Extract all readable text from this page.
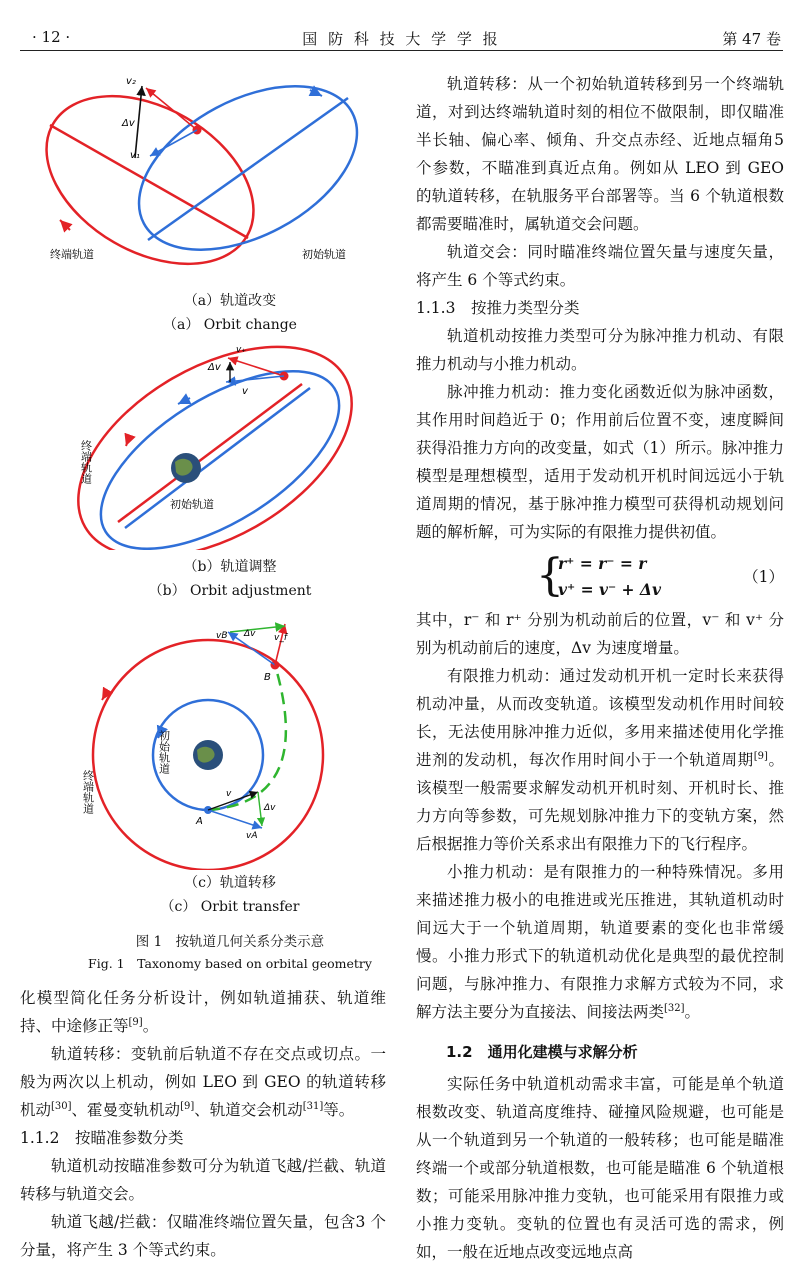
· 12 ·	国 防 科 技 大 学 学 报	第 47 卷
v₂
Δv
v₁
终端轨道	初始轨道
（a）轨道改变
（a） Orbit change
v₊
Δv
v
终端轨道
初始轨道
（b）轨道调整
（b） Orbit adjustment
vB Δv v_f
B
A
v
Δv
vA
初始轨道
终端轨道
（c）轨道转移
（c） Orbit transfer
图 1　按轨道几何关系分类示意
Fig. 1　Taxonomy based on orbital geometry

化模型简化任务分析设计，例如轨道捕获、轨道维持、中途修正等[9]。

轨道转移：变轨前后轨道不存在交点或切点。一般为两次以上机动，例如 LEO 到 GEO 的轨道转移机动[30]、霍曼变轨机动[9]、轨道交会机动[31]等。

1.1.2　按瞄准参数分类

轨道机动按瞄准参数可分为轨道飞越/拦截、轨道转移与轨道交会。

轨道飞越/拦截：仅瞄准终端位置矢量，包含3 个分量，将产生 3 个等式约束。

轨道转移：从一个初始轨道转移到另一个终端轨道，对到达终端轨道时刻的相位不做限制，即仅瞄准半长轴、偏心率、倾角、升交点赤经、近地点辐角5 个参数，不瞄准到真近点角。例如从 LEO 到 GEO 的轨道转移，在轨服务平台部署等。当 6 个轨道根数都需要瞄准时，属轨道交会问题。

轨道交会：同时瞄准终端位置矢量与速度矢量，将产生 6 个等式约束。

1.1.3　按推力类型分类

轨道机动按推力类型可分为脉冲推力机动、有限推力机动与小推力机动。

脉冲推力机动：推力变化函数近似为脉冲函数，其作用时间趋近于 0；作用前后位置不变，速度瞬间获得沿推力方向的改变量，如式（1）所示。脉冲推力模型是理想模型，适用于发动机开机时间远远小于轨道周期的情况，基于脉冲推力模型可获得机动规划问题的解析解，可为实际的有限推力提供初值。

{
r⁺ = r⁻ = r
v⁺ = v⁻ + Δv
（1）

其中，r⁻ 和 r⁺ 分别为机动前后的位置，v⁻ 和 v⁺ 分别为机动前后的速度，Δv 为速度增量。

有限推力机动：通过发动机开机一定时长来获得机动冲量，从而改变轨道。该模型发动机作用时间较长，无法使用脉冲推力近似，多用来描述使用化学推进剂的发动机，每次作用时间小于一个轨道周期[9]。该模型一般需要求解发动机开机时刻、开机时长、推力方向等参数，可先规划脉冲推力下的变轨方案，然后根据推力等价关系求出有限推力下的飞行程序。

小推力机动：是有限推力的一种特殊情况。多用来描述推力极小的电推进或光压推进，其轨道机动时间远大于一个轨道周期，轨道要素的变化也非常缓慢。小推力形式下的轨道机动优化是典型的最优控制问题，与脉冲推力、有限推力求解方式较为不同，求解方法主要分为直接法、间接法两类[32]。

1.2　通用化建模与求解分析

实际任务中轨道机动需求丰富，可能是单个轨道根数改变、轨道高度维持、碰撞风险规避，也可能是从一个轨道到另一个轨道的一般转移；也可能是瞄准终端一个或部分轨道根数，也可能是瞄准 6 个轨道根数；可能采用脉冲推力变轨，也可能采用有限推力或小推力变轨。变轨的位置也有灵活可选的需求，例如，一般在近地点改变远地点高
